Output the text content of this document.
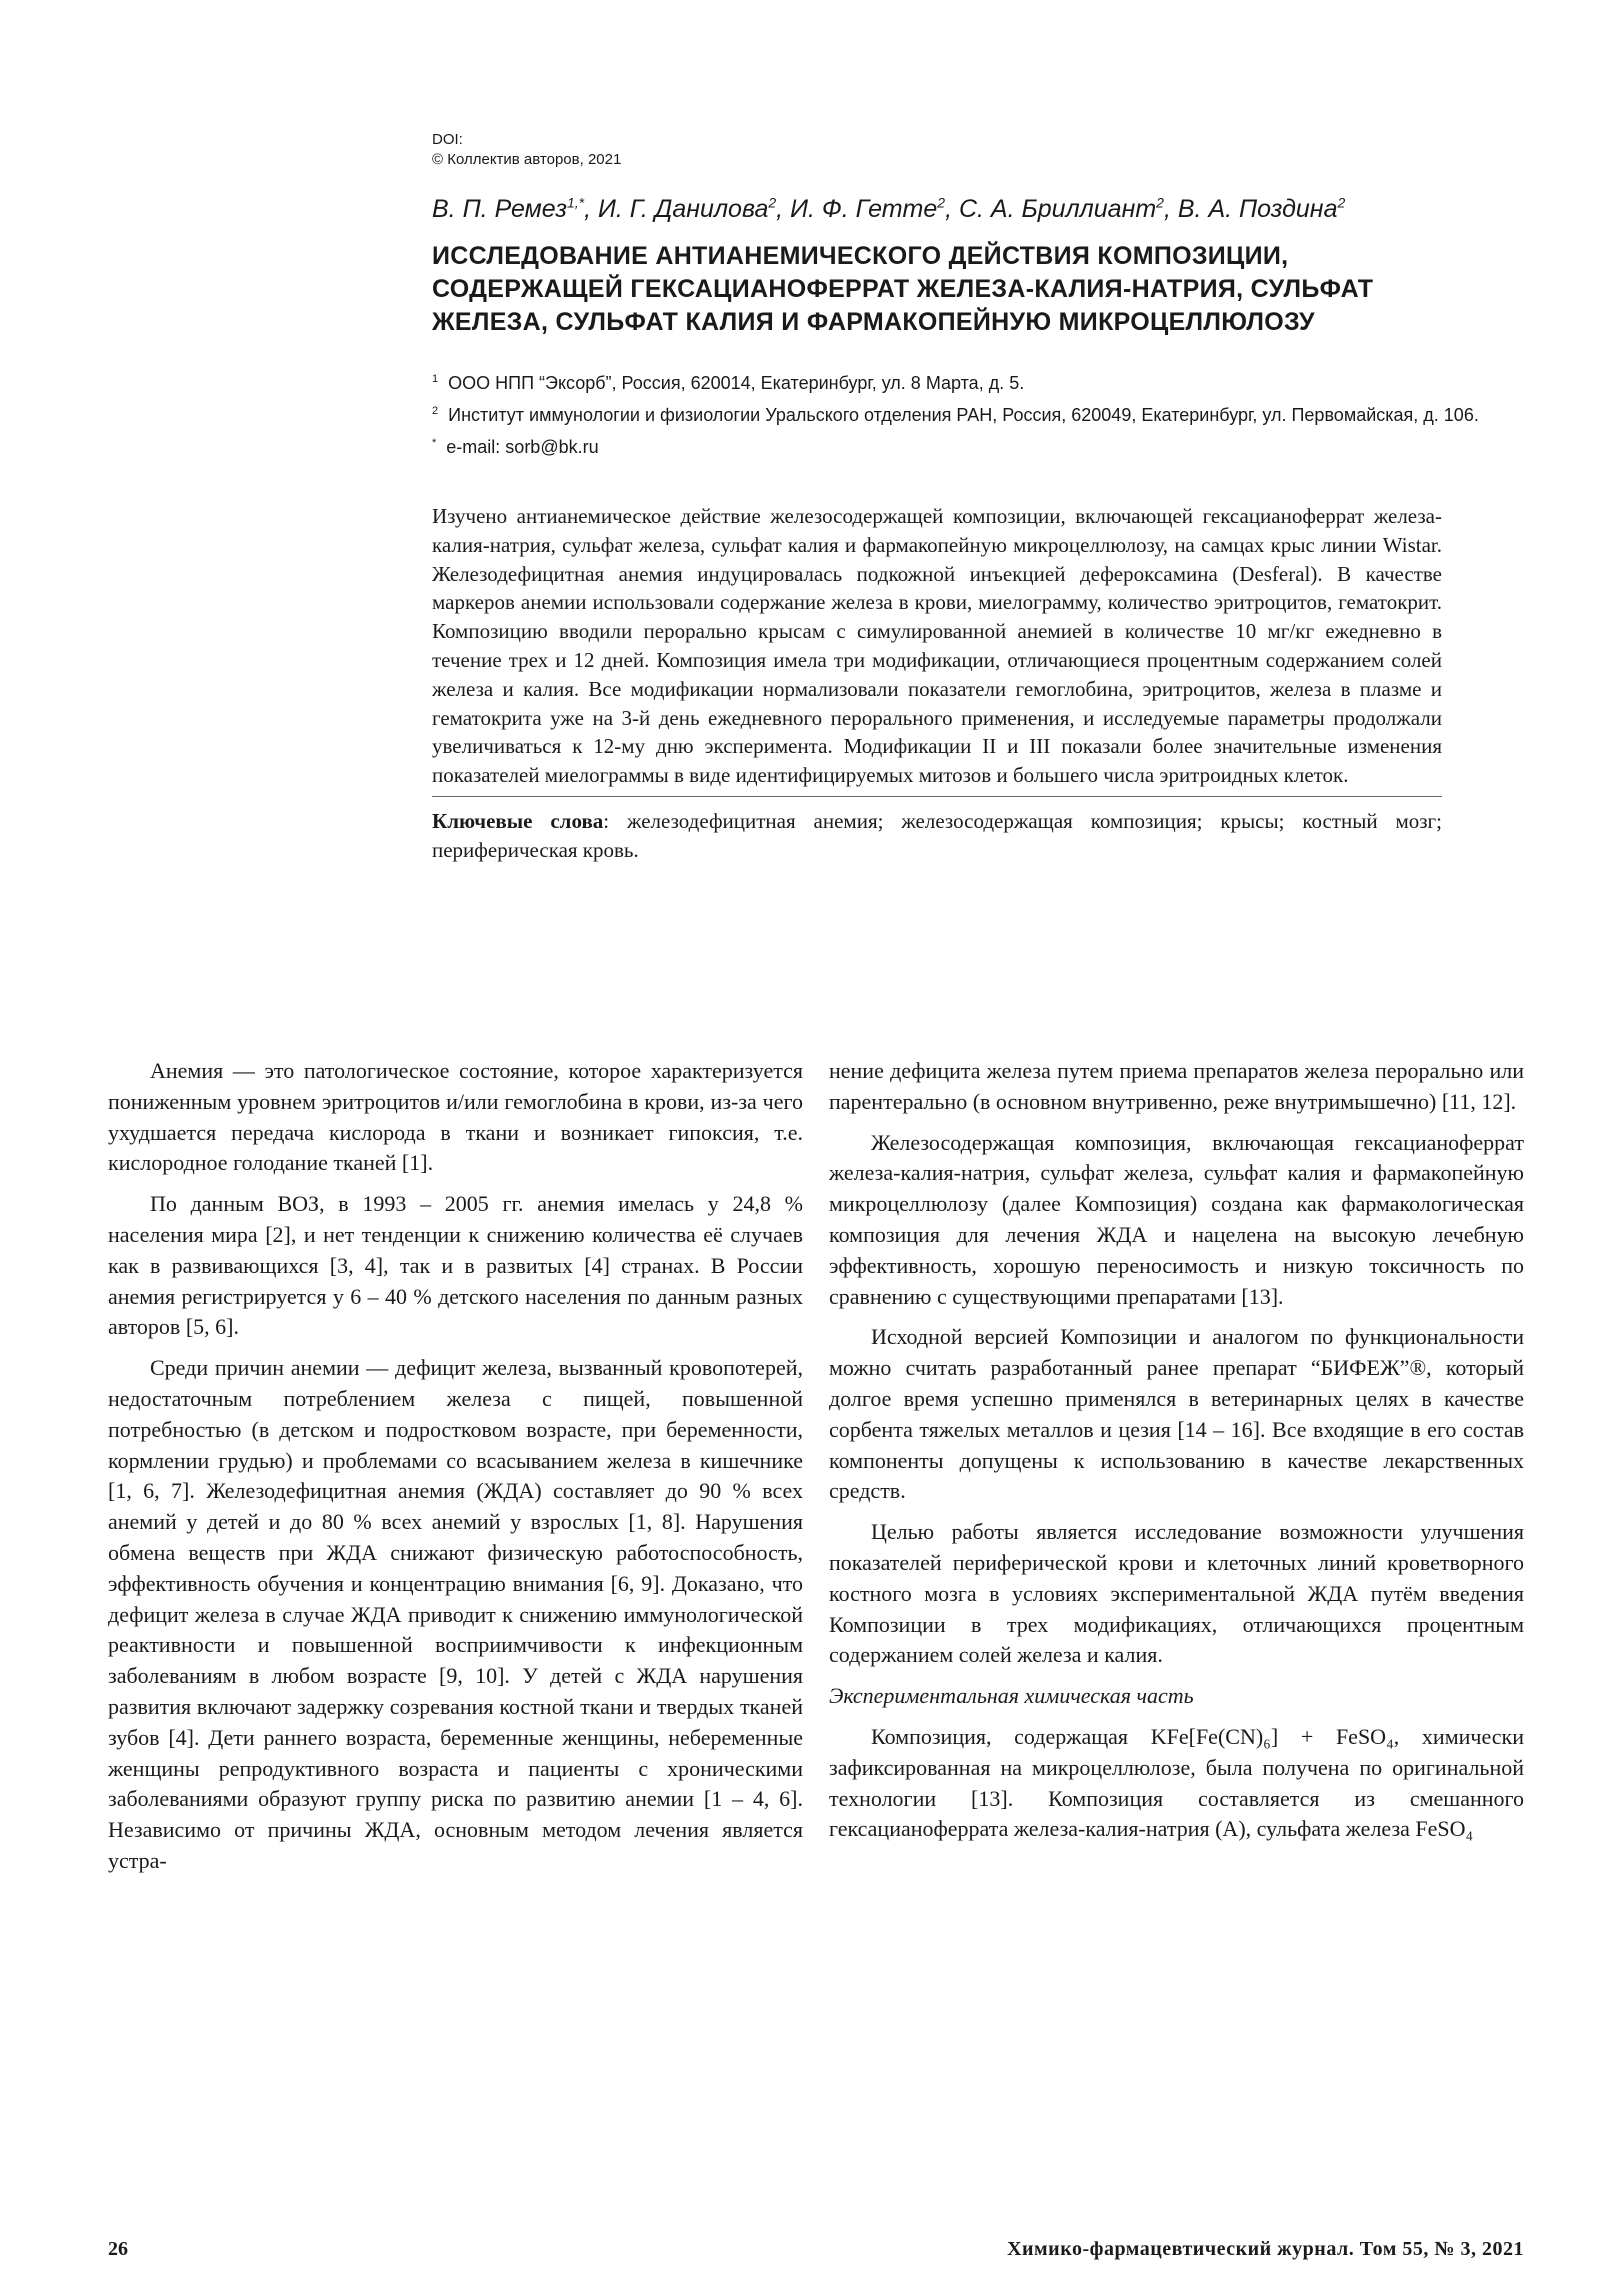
DOI:
© Коллектив авторов, 2021
В. П. Ремез$^{1,*}$, И. Г. Данилова$^2$, И. Ф. Гетте$^2$, С. А. Бриллиант$^2$, В. А. Поздина$^2$
ИССЛЕДОВАНИЕ АНТИАНЕМИЧЕСКОГО ДЕЙСТВИЯ КОМПОЗИЦИИ,
СОДЕРЖАЩЕЙ ГЕКСАЦИАНОФЕРРАТ ЖЕЛЕЗА-КАЛИЯ-НАТРИЯ, СУЛЬФАТ
ЖЕЛЕЗА, СУЛЬФАТ КАЛИЯ И ФАРМАКОПЕЙНУЮ МИКРОЦЕЛЛЮЛОЗУ
$^1$ ООО НПП “Эксорб”, Россия, 620014, Екатеринбург, ул. 8 Марта, д. 5.
$^2$ Институт иммунологии и физиологии Уральского отделения РАН, Россия, 620049, Екатеринбург, ул. Первомайская, д. 106.
* e-mail: sorb@bk.ru
Изучено антианемическое действие железосодержащей композиции, включающей гексацианоферрат железа-калия-натрия, сульфат железа, сульфат калия и фармакопейную микроцеллюлозу, на самцах крыс линии Wistar. Железодефицитная анемия индуцировалась подкожной инъекцией дефероксамина (Desferal). В качестве маркеров анемии использовали содержание железа в крови, миелограмму, количество эритроцитов, гематокрит. Композицию вводили перорально крысам с симулированной анемией в количестве 10 мг/кг ежедневно в течение трех и 12 дней. Композиция имела три модификации, отличающиеся процентным содержанием солей железа и калия. Все модификации нормализовали показатели гемоглобина, эритроцитов, железа в плазме и гематокрита уже на 3-й день ежедневного перорального применения, и исследуемые параметры продолжали увеличиваться к 12-му дню эксперимента. Модификации II и III показали более значительные изменения показателей миелограммы в виде идентифицируемых митозов и большего числа эритроидных клеток.
Ключевые слова: железодефицитная анемия; железосодержащая композиция; крысы; костный мозг; периферическая кровь.

Анемия — это патологическое состояние, которое характеризуется пониженным уровнем эритроцитов и/или гемоглобина в крови, из-за чего ухудшается передача кислорода в ткани и возникает гипоксия, т.е. кислородное голодание тканей [1].

По данным ВОЗ, в 1993 – 2005 гг. анемия имелась у 24,8 % населения мира [2], и нет тенденции к снижению количества её случаев как в развивающихся [3, 4], так и в развитых [4] странах. В России анемия регистрируется у 6 – 40 % детского населения по данным разных авторов [5, 6].

Среди причин анемии — дефицит железа, вызванный кровопотерей, недостаточным потреблением железа с пищей, повышенной потребностью (в детском и подростковом возрасте, при беременности, кормлении грудью) и проблемами со всасыванием железа в кишечнике [1, 6, 7]. Железодефицитная анемия (ЖДА) составляет до 90 % всех анемий у детей и до 80 % всех анемий у взрослых [1, 8]. Нарушения обмена веществ при ЖДА снижают физическую работоспособность, эффективность обучения и концентрацию внимания [6, 9]. Доказано, что дефицит железа в случае ЖДА приводит к снижению иммунологической реактивности и повышенной восприимчивости к инфекционным заболеваниям в любом возрасте [9, 10]. У детей с ЖДА нарушения развития включают задержку созревания костной ткани и твердых тканей зубов [4]. Дети раннего возраста, беременные женщины, небеременные женщины репродуктивного возраста и пациенты с хроническими заболеваниями образуют группу риска по развитию анемии [1 – 4, 6]. Независимо от причины ЖДА, основным методом лечения является устра-

нение дефицита железа путем приема препаратов железа перорально или парентерально (в основном внутривенно, реже внутримышечно) [11, 12].

Железосодержащая композиция, включающая гексацианоферрат железа-калия-натрия, сульфат железа, сульфат калия и фармакопейную микроцеллюлозу (далее Композиция) создана как фармакологическая композиция для лечения ЖДА и нацелена на высокую лечебную эффективность, хорошую переносимость и низкую токсичность по сравнению с существующими препаратами [13].

Исходной версией Композиции и аналогом по функциональности можно считать разработанный ранее препарат “БИФЕЖ”®, который долгое время успешно применялся в ветеринарных целях в качестве сорбента тяжелых металлов и цезия [14 – 16]. Все входящие в его состав компоненты допущены к использованию в качестве лекарственных средств.

Целью работы является исследование возможности улучшения показателей периферической крови и клеточных линий кроветворного костного мозга в условиях экспериментальной ЖДА путём введения Композиции в трех модификациях, отличающихся процентным содержанием солей железа и калия.

Экспериментальная химическая часть

Композиция, содержащая KFe[Fe(CN)₆] + FeSO₄, химически зафиксированная на микроцеллюлозе, была получена по оригинальной технологии [13]. Композиция составляется из смешанного гексацианоферрата железа-калия-натрия (А), сульфата железа FeSO₄

26	Химико-фармацевтический журнал. Том 55, № 3, 2021
